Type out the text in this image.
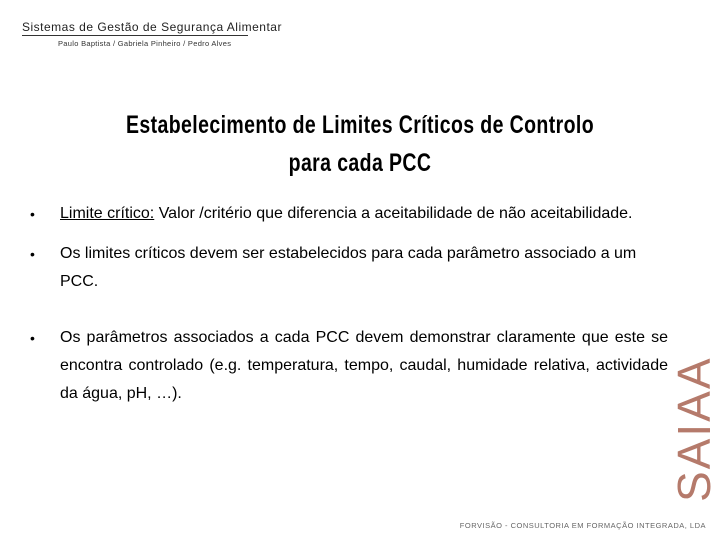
Sistemas de Gestão de Segurança Alimentar
Paulo Baptista / Gabriela Pinheiro / Pedro Alves
Estabelecimento de Limites Críticos de Controlo
para cada PCC
• Limite crítico: Valor /critério que diferencia a aceitabilidade de não aceitabilidade.
• Os limites críticos devem ser estabelecidos para cada parâmetro associado a um PCC.
• Os parâmetros associados a cada PCC devem demonstrar claramente que este se encontra controlado (e.g. temperatura, tempo, caudal, humidade relativa, actividade da água, pH, …).	SAIAA
FORVISÃO - CONSULTORIA EM FORMAÇÃO INTEGRADA, LDA
